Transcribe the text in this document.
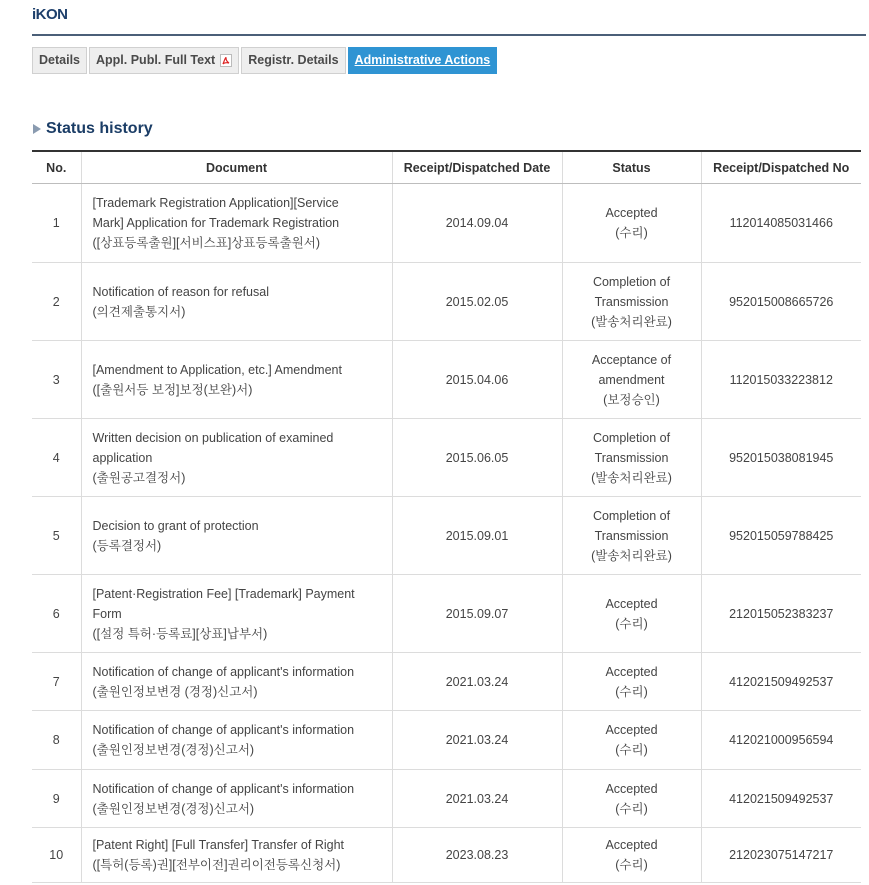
iKON
Details Appl. Publ. Full Text	Registr. Details Administrative Actions
Status history
No.	Document	Receipt/Dispatched Date	Status	Receipt/Dispatched No
1	[Trademark Registration Application][Service
Mark] Application for Trademark Registration
([상표등록출원][서비스표]상표등록출원서)	2014.09.04	Accepted
(수리)	112014085031466
2	Notification of reason for refusal
(의견제출통지서)	2015.02.05	Completion of
Transmission
(발송처리완료)	952015008665726
3	[Amendment to Application, etc.] Amendment
([출원서등 보정]보정(보완)서)	2015.04.06	Acceptance of
amendment
(보정승인)	112015033223812
4	Written decision on publication of examined
application
(출원공고결정서)	2015.06.05	Completion of
Transmission
(발송처리완료)	952015038081945
5	Decision to grant of protection
(등록결정서)	2015.09.01	Completion of
Transmission
(발송처리완료)	952015059788425
6	[Patent·Registration Fee] [Trademark] Payment
Form
([설정 특허·등록료][상표]납부서)	2015.09.07	Accepted
(수리)	212015052383237
7	Notification of change of applicant's information
(출원인정보변경 (경정)신고서)	2021.03.24	Accepted
(수리)	412021509492537
8	Notification of change of applicant's information
(출원인정보변경(경정)신고서)	2021.03.24	Accepted
(수리)	412021000956594
9	Notification of change of applicant's information
(출원인정보변경(경정)신고서)	2021.03.24	Accepted
(수리)	412021509492537
10	[Patent Right] [Full Transfer] Transfer of Right
([특허(등록)권][전부이전]권리이전등록신청서)	2023.08.23	Accepted
(수리)	212023075147217
